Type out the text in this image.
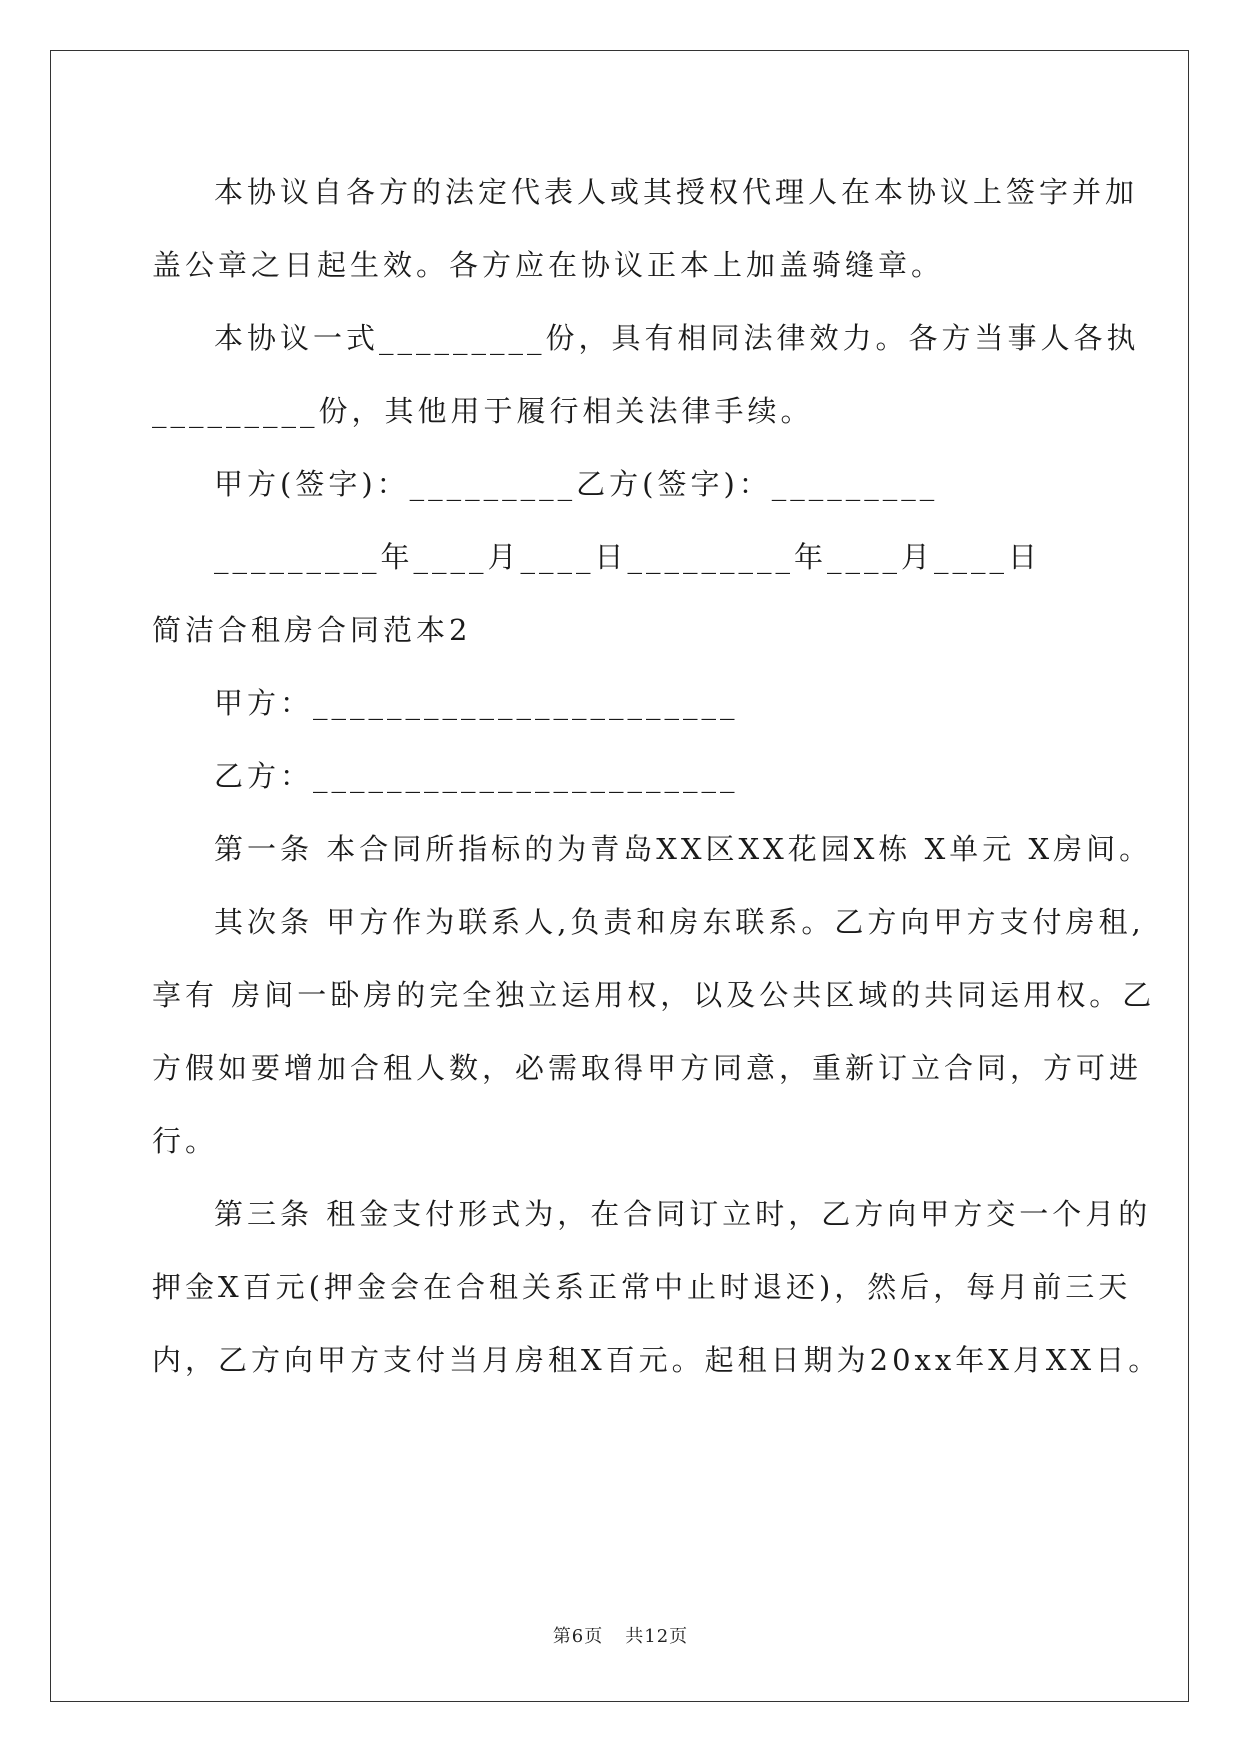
本协议自各方的法定代表人或其授权代理人在本协议上签字并加
盖公章之日起生效。各方应在协议正本上加盖骑缝章。
本协议一式_________份，具有相同法律效力。各方当事人各执
_________份，其他用于履行相关法律手续。
甲方(签字)：_________乙方(签字)：_________
_________年____月____日_________年____月____日
简洁合租房合同范本2
甲方：_______________________
乙方：_______________________
第一条 本合同所指标的为青岛XX区XX花园X栋 X单元 X房间。
其次条 甲方作为联系人,负责和房东联系。乙方向甲方支付房租,
享有 房间一卧房的完全独立运用权，以及公共区域的共同运用权。乙
方假如要增加合租人数，必需取得甲方同意，重新订立合同，方可进
行。
第三条 租金支付形式为，在合同订立时，乙方向甲方交一个月的
押金X百元(押金会在合租关系正常中止时退还)，然后，每月前三天
内，乙方向甲方支付当月房租X百元。起租日期为20xx年X月XX日。
第6页 共12页
